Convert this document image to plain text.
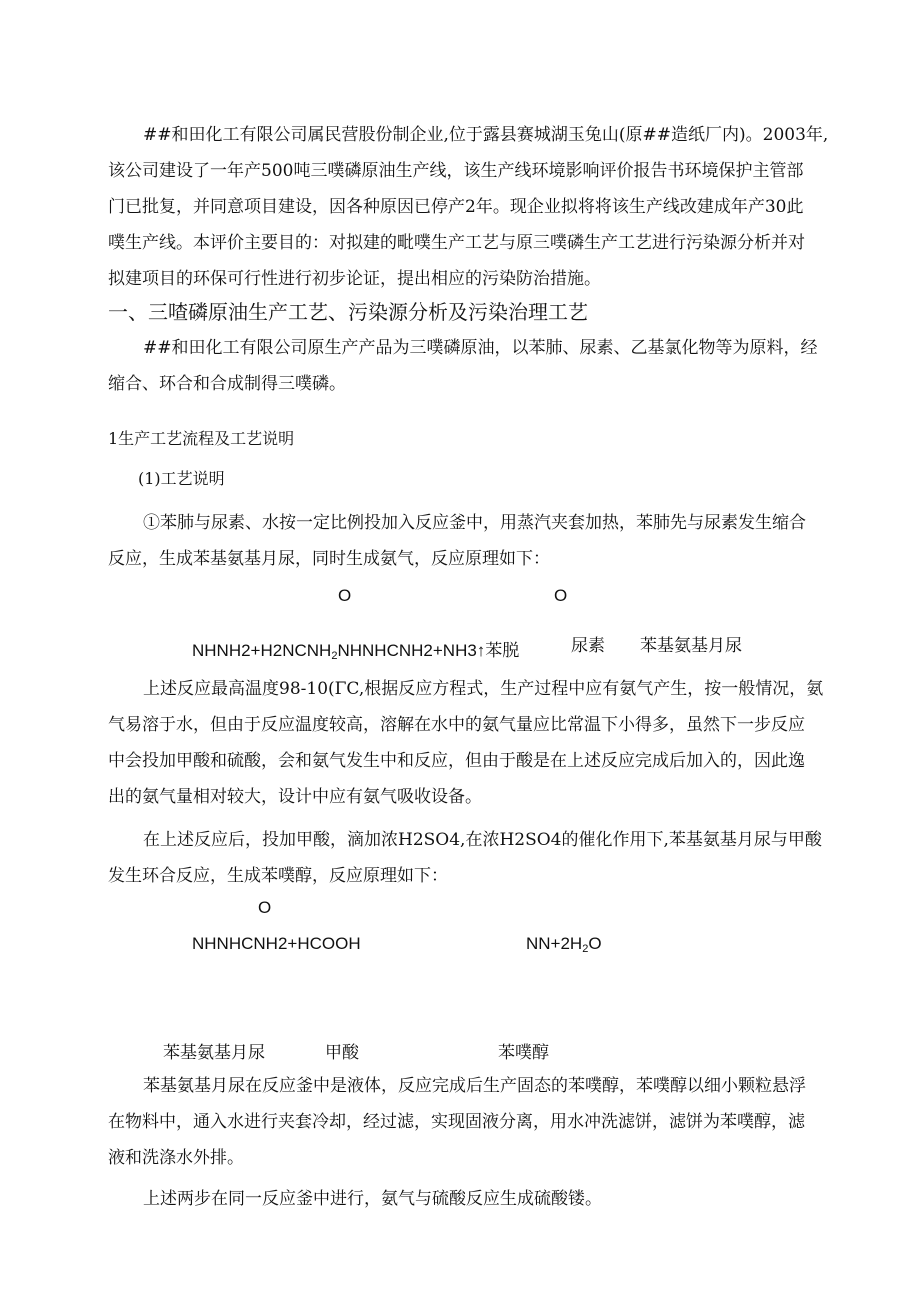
##和田化工有限公司属民营股份制企业,位于露县赛城湖玉兔山(原##造纸厂内)。2003年,
该公司建设了一年产500吨三噗磷原油生产线，该生产线环境影响评价报告书环境保护主管部
门已批复，并同意项目建设，因各种原因已停产2年。现企业拟将将该生产线改建成年产30此
噗生产线。本评价主要目的：对拟建的毗噗生产工艺与原三噗磷生产工艺进行污染源分析并对
拟建项目的环保可行性进行初步论证，提出相应的污染防治措施。
一、三喳磷原油生产工艺、污染源分析及污染治理工艺
##和田化工有限公司原生产产品为三噗磷原油，以苯肺、尿素、乙基氯化物等为原料，经
缩合、环合和合成制得三噗磷。
1生产工艺流程及工艺说明
(1)工艺说明
①苯肺与尿素、水按一定比例投加入反应釜中，用蒸汽夹套加热，苯肺先与尿素发生缩合
反应，生成苯基氨基月尿，同时生成氨气，反应原理如下：
O	O
$NHNH2+H2NCNH_2NHNHCNH2+NH3↑$苯脱	尿素 苯基氨基月尿
上述反应最高温度98-10(ΓC,根据反应方程式，生产过程中应有氨气产生，按一般情况，氨
气易溶于水，但由于反应温度较高，溶解在水中的氨气量应比常温下小得多，虽然下一步反应
中会投加甲酸和硫酸，会和氨气发生中和反应，但由于酸是在上述反应完成后加入的，因此逸
出的氨气量相对较大，设计中应有氨气吸收设备。
在上述反应后，投加甲酸，滴加浓H2SO4,在浓H2SO4的催化作用下,苯基氨基月尿与甲酸
发生环合反应，生成苯噗醇，反应原理如下：
O
NHNHCNH2+HCOOH	$NN+2H_2O$
苯基氨基月尿	甲酸	苯噗醇
苯基氨基月尿在反应釜中是液体，反应完成后生产固态的苯噗醇，苯噗醇以细小颗粒悬浮
在物料中，通入水进行夹套冷却，经过滤，实现固液分离，用水冲洗滤饼，滤饼为苯噗醇，滤
液和洗涤水外排。
上述两步在同一反应釜中进行，氨气与硫酸反应生成硫酸镂。
